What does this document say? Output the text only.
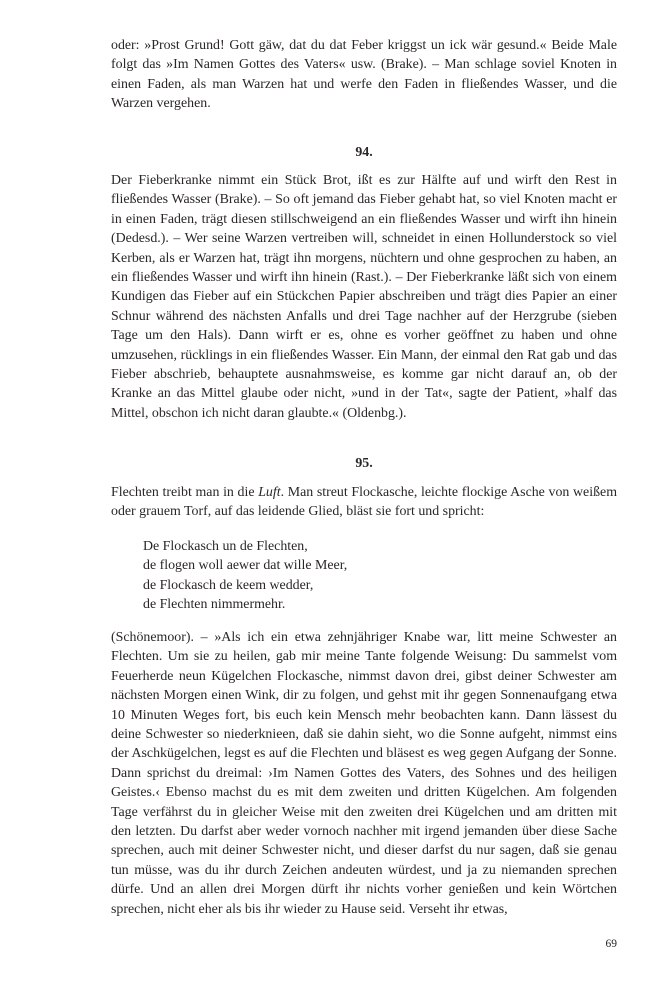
oder: »Prost Grund! Gott gäw, dat du dat Feber kriggst un ick wär gesund.« Beide Male folgt das »Im Namen Gottes des Vaters« usw. (Brake). – Man schlage soviel Knoten in einen Faden, als man Warzen hat und werfe den Faden in fließendes Wasser, und die Warzen vergehen.

94.

Der Fieberkranke nimmt ein Stück Brot, ißt es zur Hälfte auf und wirft den Rest in fließendes Wasser (Brake). – So oft jemand das Fieber gehabt hat, so viel Knoten macht er in einen Faden, trägt diesen stillschweigend an ein fließendes Wasser und wirft ihn hinein (Dedesd.). – Wer seine Warzen vertreiben will, schneidet in einen Hollunderstock so viel Kerben, als er Warzen hat, trägt ihn morgens, nüchtern und ohne gesprochen zu haben, an ein fließendes Wasser und wirft ihn hinein (Rast.). – Der Fieberkranke läßt sich von einem Kundigen das Fieber auf ein Stückchen Papier abschreiben und trägt dies Papier an einer Schnur während des nächsten Anfalls und drei Tage nachher auf der Herzgrube (sieben Tage um den Hals). Dann wirft er es, ohne es vorher geöffnet zu haben und ohne umzusehen, rücklings in ein fließendes Wasser. Ein Mann, der einmal den Rat gab und das Fieber abschrieb, behauptete ausnahmsweise, es komme gar nicht darauf an, ob der Kranke an das Mittel glaube oder nicht, »und in der Tat«, sagte der Patient, »half das Mittel, obschon ich nicht daran glaubte.« (Oldenbg.).

95.

Flechten treibt man in die Luft. Man streut Flockasche, leichte flockige Asche von weißem oder grauem Torf, auf das leidende Glied, bläst sie fort und spricht:

De Flockasch un de Flechten,
de flogen woll aewer dat wille Meer,
de Flockasch de keem wedder,
de Flechten nimmermehr.

(Schönemoor). – »Als ich ein etwa zehnjähriger Knabe war, litt meine Schwester an Flechten. Um sie zu heilen, gab mir meine Tante folgende Weisung: Du sammelst vom Feuerherde neun Kügelchen Flockasche, nimmst davon drei, gibst deiner Schwester am nächsten Morgen einen Wink, dir zu folgen, und gehst mit ihr gegen Sonnenaufgang etwa 10 Minuten Weges fort, bis euch kein Mensch mehr beobachten kann. Dann lässest du deine Schwester so niederknieen, daß sie dahin sieht, wo die Sonne aufgeht, nimmst eins der Aschkügelchen, legst es auf die Flechten und bläsest es weg gegen Aufgang der Sonne. Dann sprichst du dreimal: ›Im Namen Gottes des Vaters, des Sohnes und des heiligen Geistes.‹ Ebenso machst du es mit dem zweiten und dritten Kügelchen. Am folgenden Tage verfährst du in gleicher Weise mit den zweiten drei Kügelchen und am dritten mit den letzten. Du darfst aber weder vornoch nachher mit irgend jemanden über diese Sache sprechen, auch mit deiner Schwester nicht, und dieser darfst du nur sagen, daß sie genau tun müsse, was du ihr durch Zeichen andeuten würdest, und ja zu niemanden sprechen dürfe. Und an allen drei Morgen dürft ihr nichts vorher genießen und kein Wörtchen sprechen, nicht eher als bis ihr wieder zu Hause seid. Verseht ihr etwas,

69
